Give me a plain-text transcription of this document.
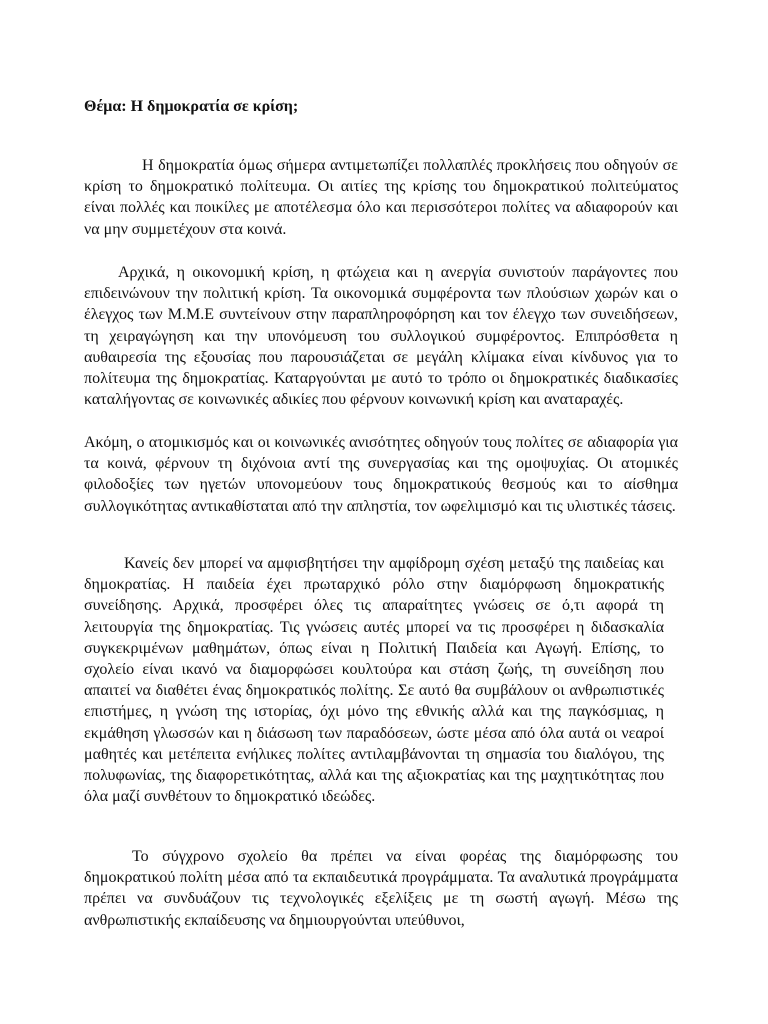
Θέμα: Η δημοκρατία σε κρίση;

Η δημοκρατία όμως σήμερα αντιμετωπίζει πολλαπλές προκλήσεις που οδηγούν σε κρίση το δημοκρατικό πολίτευμα. Οι αιτίες της κρίσης του δημοκρατικού πολιτεύματος είναι πολλές και ποικίλες με αποτέλεσμα όλο και περισσότεροι πολίτες να αδιαφορούν και να μην συμμετέχουν στα κοινά.

Αρχικά, η οικονομική κρίση, η φτώχεια και η ανεργία συνιστούν παράγοντες που επιδεινώνουν την πολιτική κρίση. Τα οικονομικά συμφέροντα των πλούσιων χωρών και ο έλεγχος των Μ.Μ.Ε συντείνουν στην παραπληροφόρηση και τον έλεγχο των συνειδήσεων, τη χειραγώγηση και την υπονόμευση του συλλογικού συμφέροντος. Επιπρόσθετα η αυθαιρεσία της εξουσίας που παρουσιάζεται σε μεγάλη κλίμακα είναι κίνδυνος για το πολίτευμα της δημοκρατίας. Καταργούνται με αυτό το τρόπο οι δημοκρατικές διαδικασίες καταλήγοντας σε κοινωνικές αδικίες που φέρνουν κοινωνική κρίση και αναταραχές.

Ακόμη, ο ατομικισμός και οι κοινωνικές ανισότητες οδηγούν τους πολίτες σε αδιαφορία για τα κοινά, φέρνουν τη διχόνοια αντί της συνεργασίας και της ομοψυχίας. Οι ατομικές φιλοδοξίες των ηγετών υπονομεύουν τους δημοκρατικούς θεσμούς και το αίσθημα συλλογικότητας αντικαθίσταται από την απληστία, τον ωφελιμισμό και τις υλιστικές τάσεις.

Κανείς δεν μπορεί να αμφισβητήσει την αμφίδρομη σχέση μεταξύ της παιδείας και δημοκρατίας. Η παιδεία έχει πρωταρχικό ρόλο στην διαμόρφωση δημοκρατικής συνείδησης. Αρχικά, προσφέρει όλες τις απαραίτητες γνώσεις σε ό,τι αφορά τη λειτουργία της δημοκρατίας. Τις γνώσεις αυτές μπορεί να τις προσφέρει η διδασκαλία συγκεκριμένων μαθημάτων, όπως είναι η Πολιτική Παιδεία και Αγωγή. Επίσης, το σχολείο είναι ικανό να διαμορφώσει κουλτούρα και στάση ζωής, τη συνείδηση που απαιτεί να διαθέτει ένας δημοκρατικός πολίτης. Σε αυτό θα συμβάλουν οι ανθρωπιστικές επιστήμες, η γνώση της ιστορίας, όχι μόνο της εθνικής αλλά και της παγκόσμιας, η εκμάθηση γλωσσών και η διάσωση των παραδόσεων, ώστε μέσα από όλα αυτά οι νεαροί μαθητές και μετέπειτα ενήλικες πολίτες αντιλαμβάνονται τη σημασία του διαλόγου, της πολυφωνίας, της διαφορετικότητας, αλλά και της αξιοκρατίας και της μαχητικότητας που όλα μαζί συνθέτουν το δημοκρατικό ιδεώδες.

Το σύγχρονο σχολείο θα πρέπει να είναι φορέας της διαμόρφωσης του δημοκρατικού πολίτη μέσα από τα εκπαιδευτικά προγράμματα. Τα αναλυτικά προγράμματα πρέπει να συνδυάζουν τις τεχνολογικές εξελίξεις με τη σωστή αγωγή. Μέσω της ανθρωπιστικής εκπαίδευσης να δημιουργούνται υπεύθυνοι,
